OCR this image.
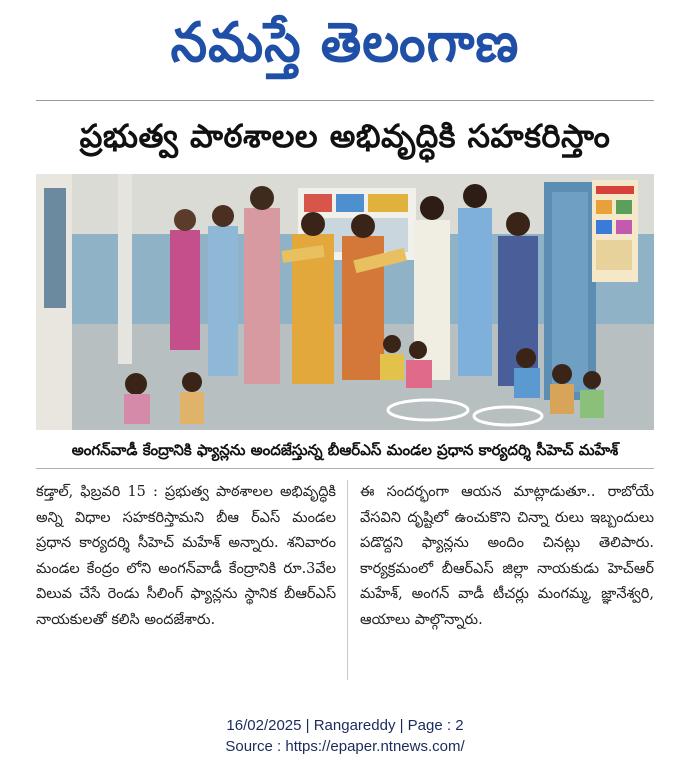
నమస్తే తెలంగాణ
ప్రభుత్వ పాఠశాలల అభివృద్ధికి సహకరిస్తాం
అంగన్‌వాడీ కేంద్రానికి ఫ్యాన్లను అందజేస్తున్న బీఆర్‌ఎస్ మండల ప్రధాన కార్యదర్శి సీహెచ్ మహేశ్

కడ్తాల్, ఫిబ్రవరి 15 : ప్రభుత్వ పాఠశాలల అభివృద్ధికి అన్ని విధాల సహకరిస్తామని బీఆ ర్‌ఎస్ మండల ప్రధాన కార్యదర్శి సీహెచ్ మహేశ్ అన్నారు. శనివారం మండల కేంద్రం లోని అంగన్‌వాడీ కేంద్రానికి రూ.3వేల విలువ చేసే రెండు సీలింగ్ ఫ్యాన్లను స్థానిక బీఆర్‌ఎస్ నాయకులతో కలిసి అందజేశారు.

ఈ సందర్భంగా ఆయన మాట్లాడుతూ.. రాబోయే వేసవిని దృష్టిలో ఉంచుకొని చిన్నా రులు ఇబ్బందులు పడొద్దని ఫ్యాన్లను అందిం చినట్లు తెలిపారు. కార్యక్రమంలో బీఆర్‌ఎస్ జిల్లా నాయకుడు హెచ్‌ఆర్ మహేశ్, అంగన్ వాడీ టీచర్లు మంగమ్మ, జ్ఞానేశ్వరి, ఆయాలు పాల్గొన్నారు.

16/02/2025 | Rangareddy | Page : 2
Source : https://epaper.ntnews.com/
